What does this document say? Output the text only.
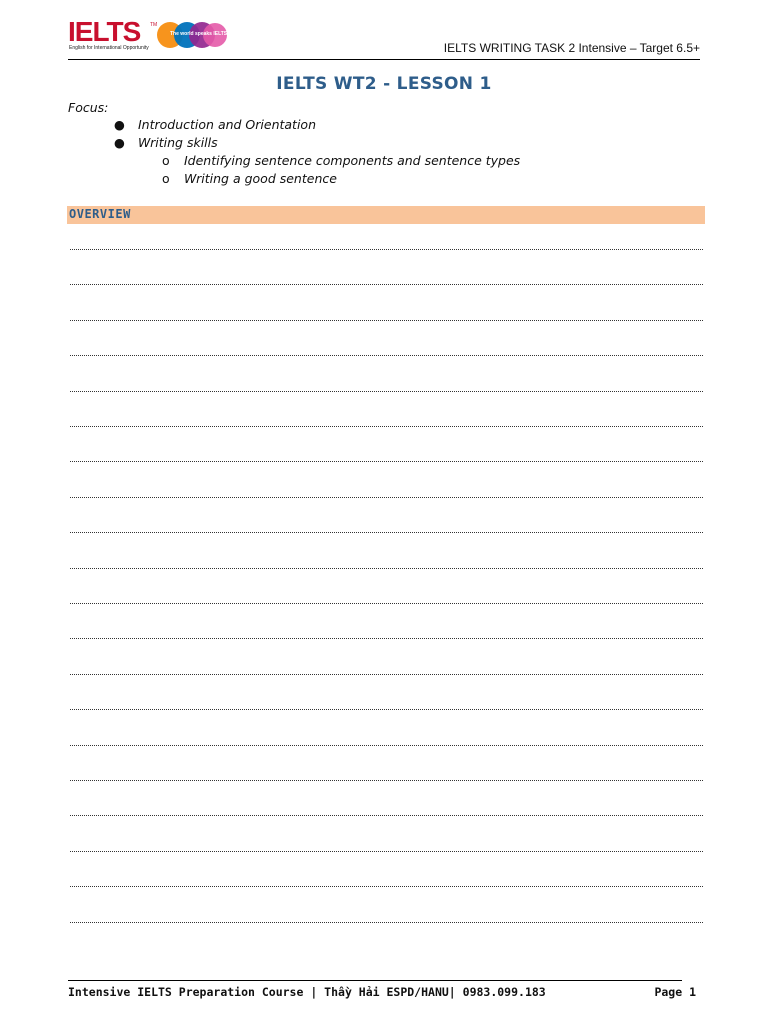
IELTS TM
English for International Opportunity
The world speaks IELTS
IELTS WRITING TASK 2 Intensive – Target 6.5+
IELTS WT2 - LESSON 1
Focus:
● Introduction and Orientation
● Writing skills
o Identifying sentence components and sentence types
o Writing a good sentence
OVERVIEW
Intensive IELTS Preparation Course | Thầy Hải ESPD/HANU| 0983.099.183	Page 1
